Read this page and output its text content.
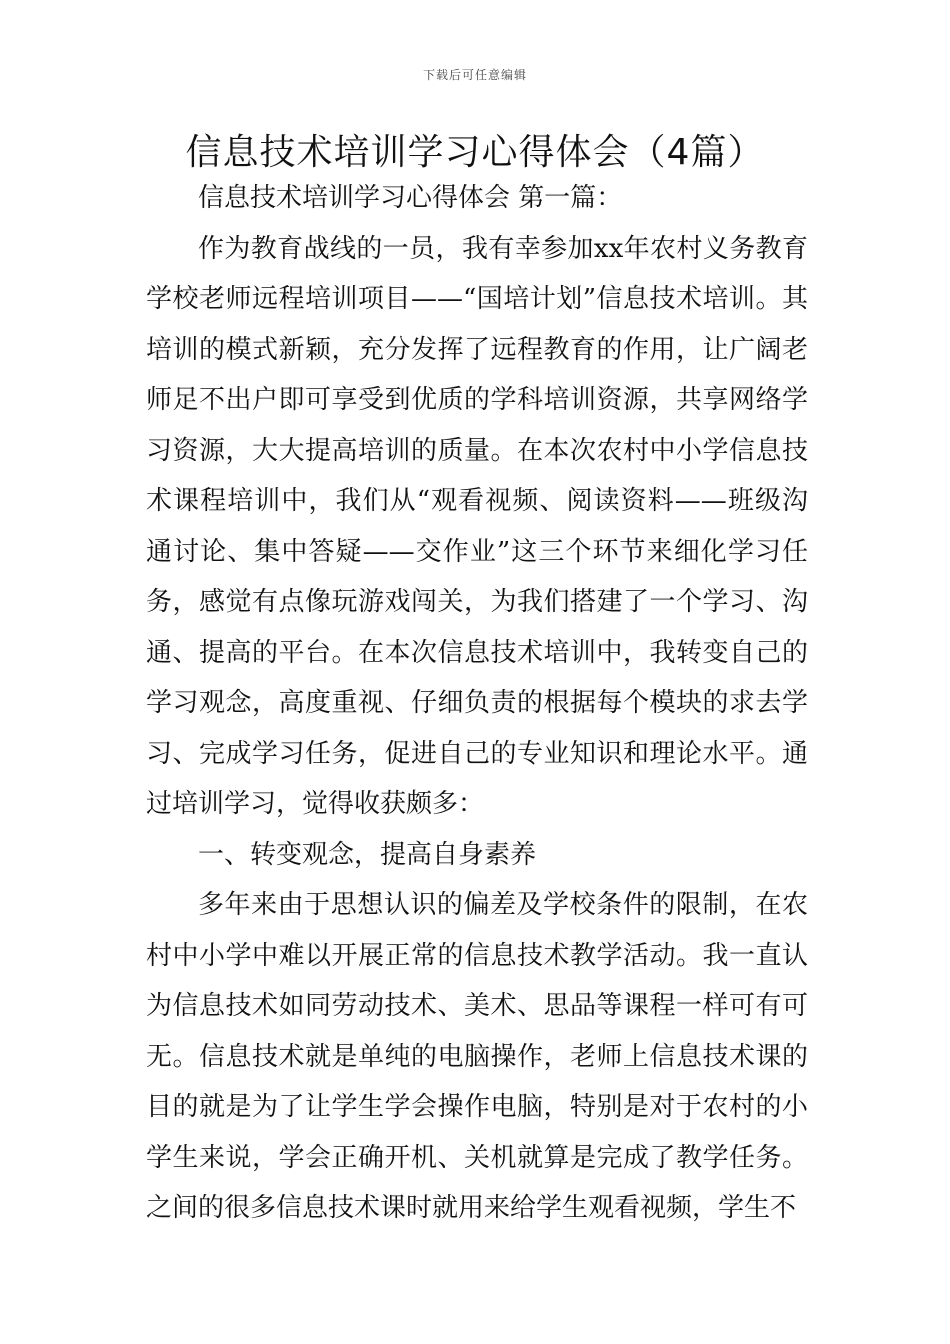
下载后可任意编辑
信息技术培训学习心得体会（4篇）

信息技术培训学习心得体会 第一篇：

作为教育战线的一员，我有幸参加xx年农村义务教育学校老师远程培训项目——“国培计划”信息技术培训。其培训的模式新颖，充分发挥了远程教育的作用，让广阔老师足不出户即可享受到优质的学科培训资源，共享网络学习资源，大大提高培训的质量。在本次农村中小学信息技术课程培训中，我们从“观看视频、阅读资料——班级沟通讨论、集中答疑——交作业”这三个环节来细化学习任务，感觉有点像玩游戏闯关，为我们搭建了一个学习、沟通、提高的平台。在本次信息技术培训中，我转变自己的学习观念，高度重视、仔细负责的根据每个模块的求去学习、完成学习任务，促进自己的专业知识和理论水平。通过培训学习，觉得收获颇多：

一、转变观念，提高自身素养

多年来由于思想认识的偏差及学校条件的限制，在农村中小学中难以开展正常的信息技术教学活动。我一直认为信息技术如同劳动技术、美术、思品等课程一样可有可无。信息技术就是单纯的电脑操作，老师上信息技术课的目的就是为了让学生学会操作电脑，特别是对于农村的小学生来说，学会正确开机、关机就算是完成了教学任务。之间的很多信息技术课时就用来给学生观看视频，学生不
